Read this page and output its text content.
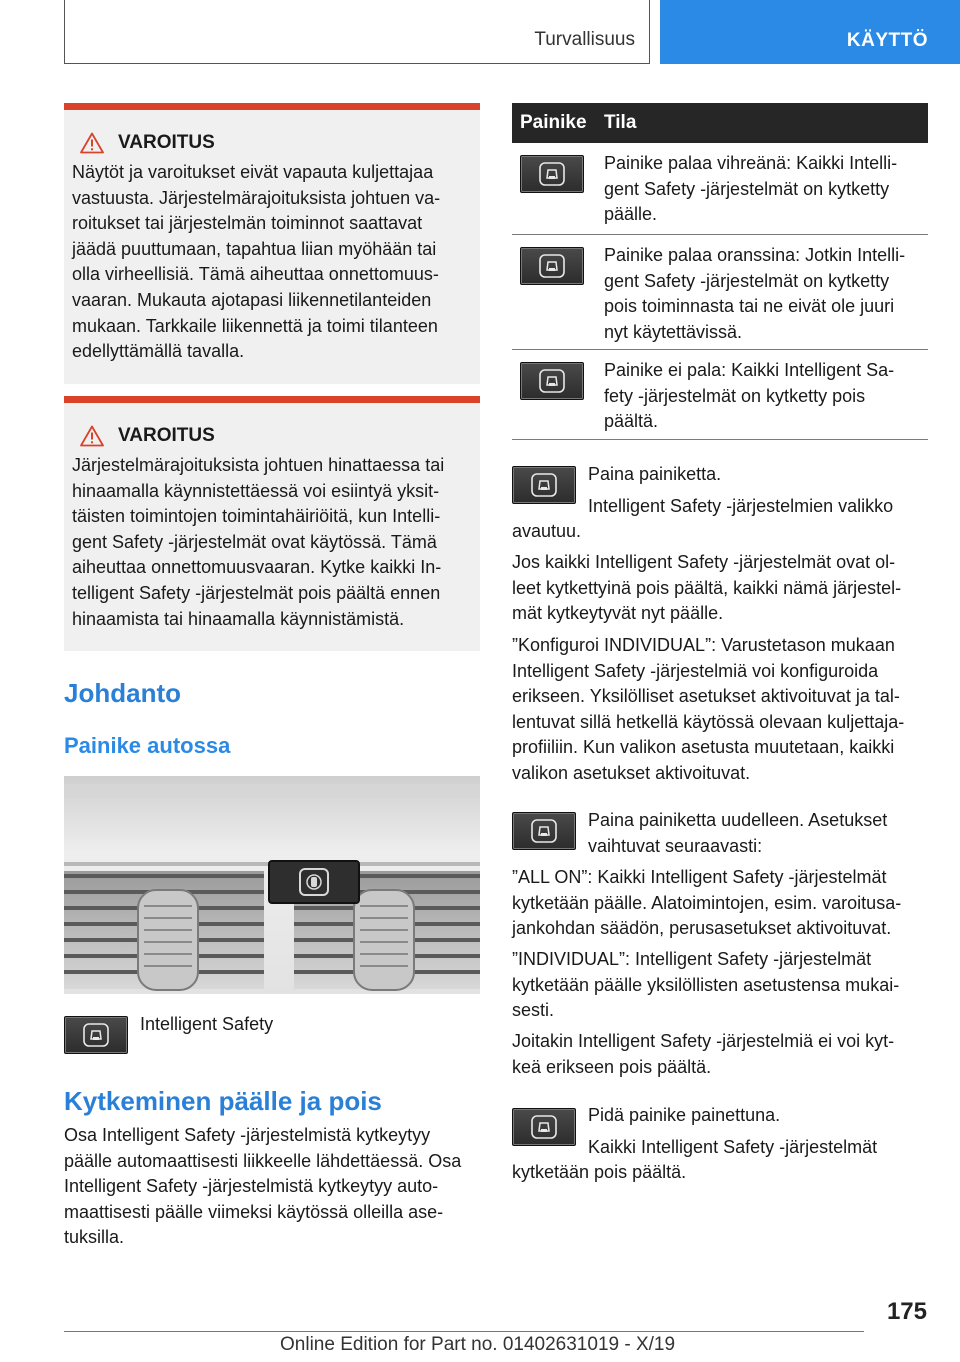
Turvallisuus	KÄYTTÖ
VAROITUS
Näytöt ja varoitukset eivät vapauta kuljettajaa
vastuusta. Järjestelmärajoituksista johtuen va-
roitukset tai järjestelmän toiminnot saattavat
jäädä puuttumaan, tapahtua liian myöhään tai
olla virheellisiä. Tämä aiheuttaa onnettomuus-
vaaran. Mukauta ajotapasi liikennetilanteiden
mukaan. Tarkkaile liikennettä ja toimi tilanteen
edellyttämällä tavalla.
VAROITUS
Järjestelmärajoituksista johtuen hinattaessa tai
hinaamalla käynnistettäessä voi esiintyä yksit-
täisten toimintojen toimintahäiriöitä, kun Intelli-
gent Safety -järjestelmät ovat käytössä. Tämä
aiheuttaa onnettomuusvaaran. Kytke kaikki In-
telligent Safety -järjestelmät pois päältä ennen
hinaamista tai hinaamalla käynnistämistä.
Johdanto
Painike autossa
Intelligent Safety
Kytkeminen päälle ja pois
Osa Intelligent Safety -järjestelmistä kytkeytyy
päälle automaattisesti liikkeelle lähdettäessä. Osa
Intelligent Safety -järjestelmistä kytkeytyy auto-
maattisesti päälle viimeksi käytössä olleilla ase-
tuksilla.
Painike Tila
Painike palaa vihreänä: Kaikki Intelli-
gent Safety -järjestelmät on kytketty
päälle.
Painike palaa oranssina: Jotkin Intelli-
gent Safety -järjestelmät on kytketty
pois toiminnasta tai ne eivät ole juuri
nyt käytettävissä.
Painike ei pala: Kaikki Intelligent Sa-
fety -järjestelmät on kytketty pois
päältä.
Paina painiketta.
Intelligent Safety -järjestelmien valikko
avautuu.
Jos kaikki Intelligent Safety -järjestelmät ovat ol-
leet kytkettyinä pois päältä, kaikki nämä järjestel-
mät kytkeytyvät nyt päälle.
”Konfiguroi INDIVIDUAL”: Varustetason mukaan
Intelligent Safety -järjestelmiä voi konfiguroida
erikseen. Yksilölliset asetukset aktivoituvat ja tal-
lentuvat sillä hetkellä käytössä olevaan kuljettaja-
profiiliin. Kun valikon asetusta muutetaan, kaikki
valikon asetukset aktivoituvat.
Paina painiketta uudelleen. Asetukset
vaihtuvat seuraavasti:
”ALL ON”: Kaikki Intelligent Safety -järjestelmät
kytketään päälle. Alatoimintojen, esim. varoitusa-
jankohdan säädön, perusasetukset aktivoituvat.
”INDIVIDUAL”: Intelligent Safety -järjestelmät
kytketään päälle yksilöllisten asetustensa mukai-
sesti.
Joitakin Intelligent Safety -järjestelmiä ei voi kyt-
keä erikseen pois päältä.
Pidä painike painettuna.
Kaikki Intelligent Safety -järjestelmät
kytketään pois päältä.
175
Online Edition for Part no. 01402631019 - X/19
